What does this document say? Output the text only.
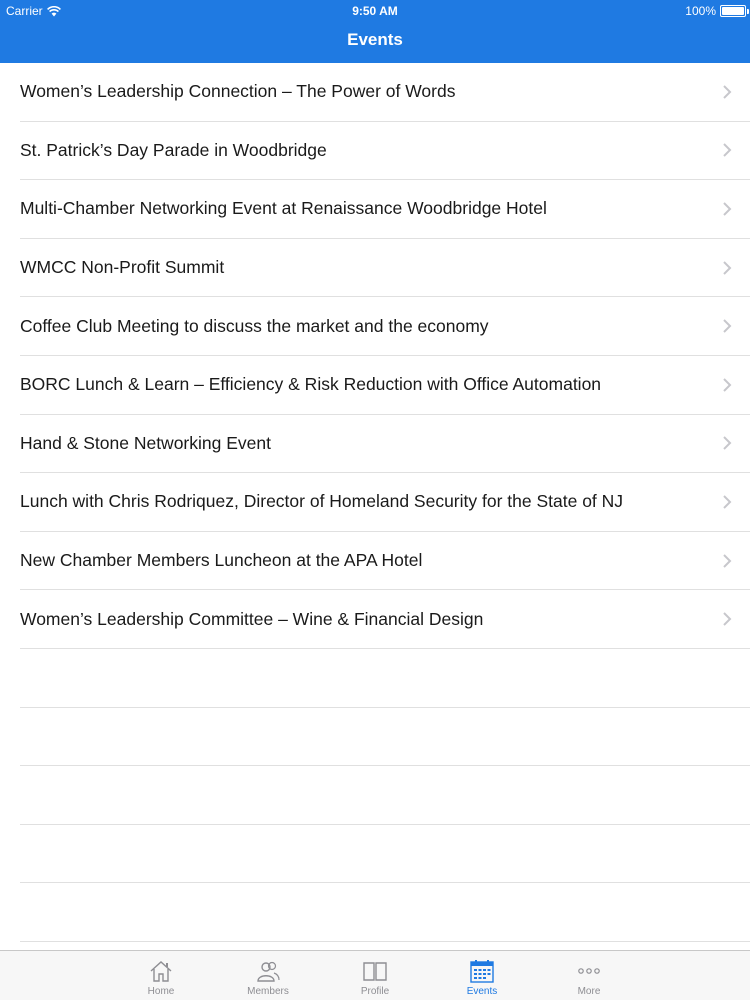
Carrier	9:50 AM	100%
Events
Women’s Leadership Connection – The Power of Words
St. Patrick’s Day Parade in Woodbridge
Multi-Chamber Networking Event at Renaissance Woodbridge Hotel
WMCC Non-Profit Summit
Coffee Club Meeting to discuss the market and the economy
BORC Lunch & Learn – Efficiency & Risk Reduction with Office Automation
Hand & Stone Networking Event
Lunch with Chris Rodriquez, Director of Homeland Security for the State of NJ
New Chamber Members Luncheon at the APA Hotel
Women’s Leadership Committee – Wine & Financial Design
Home	Members	Profile	Events	More
